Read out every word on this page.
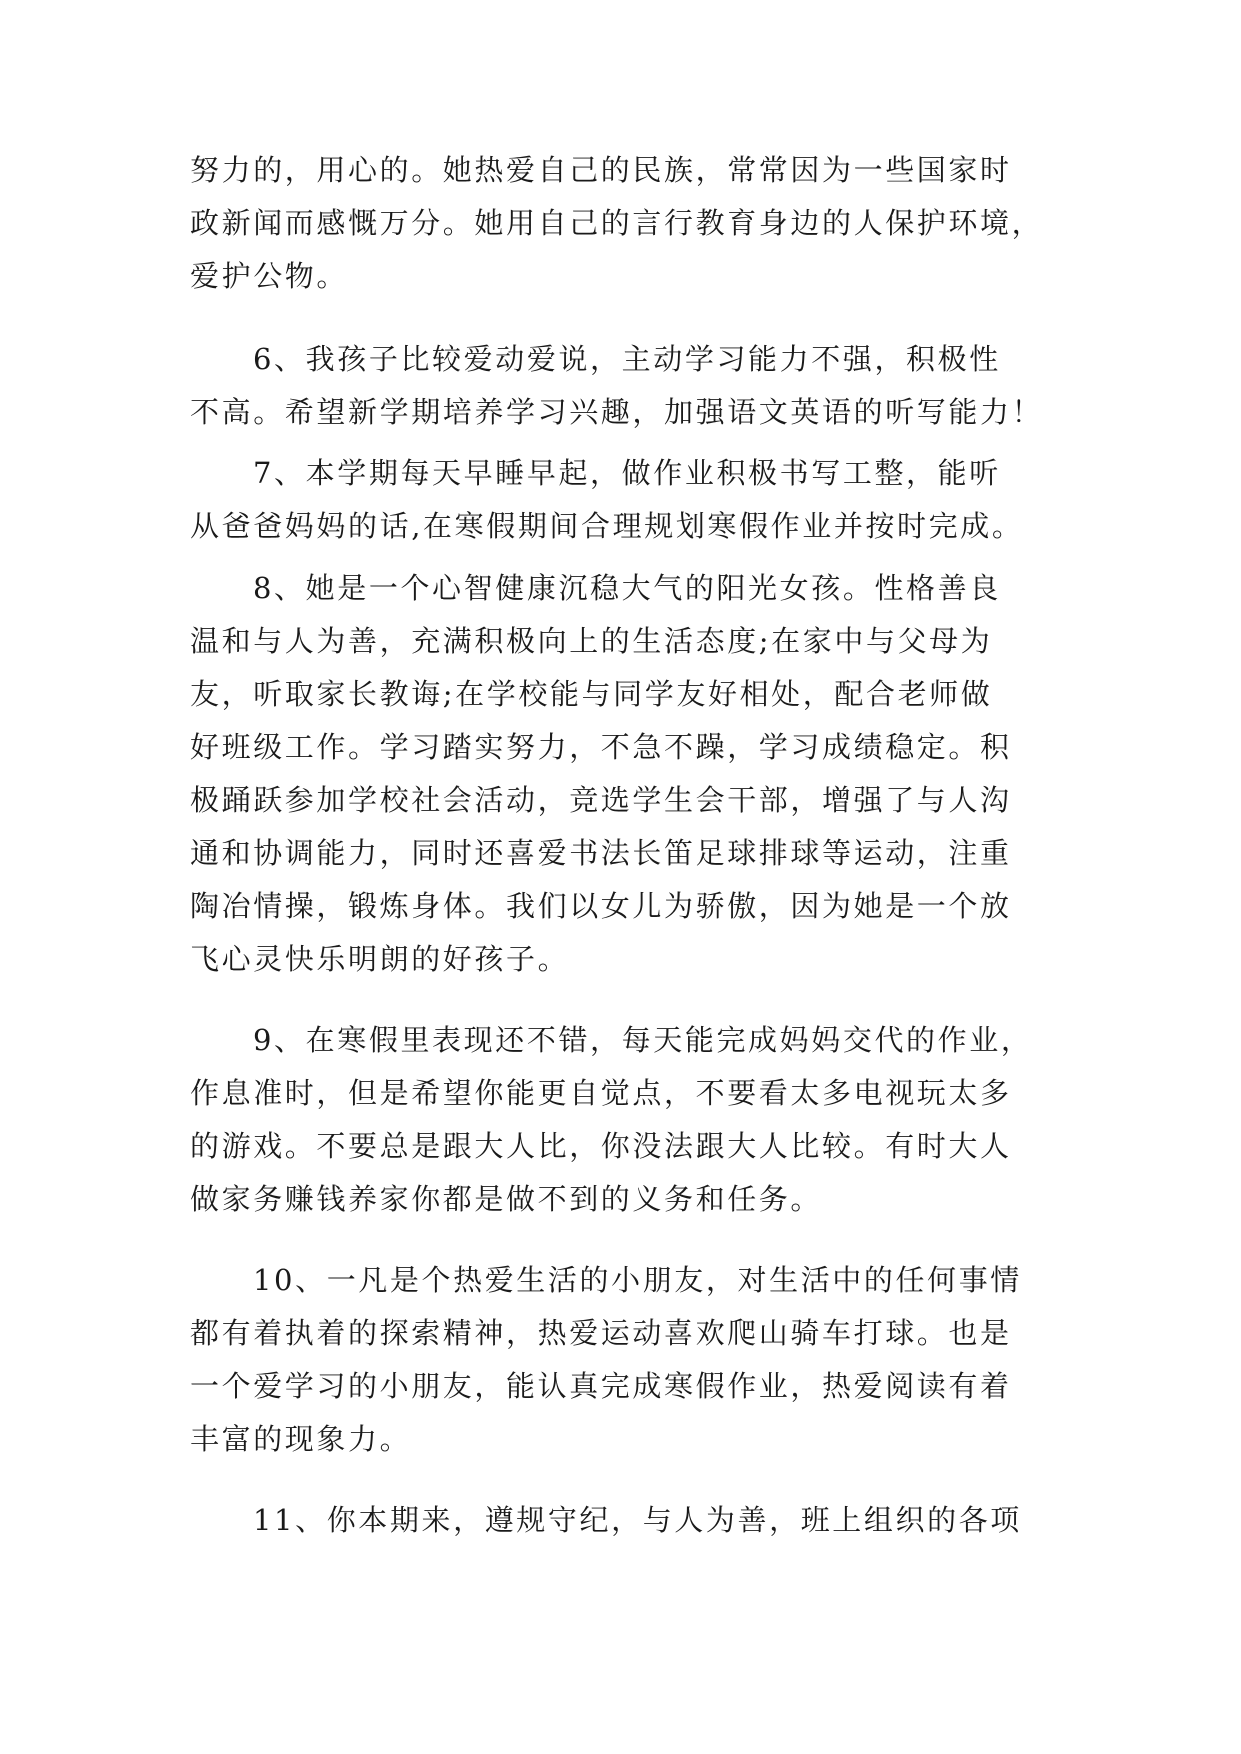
努力的，用心的。她热爱自己的民族，常常因为一些国家时
政新闻而感慨万分。她用自己的言行教育身边的人保护环境，
爱护公物。
6、我孩子比较爱动爱说，主动学习能力不强，积极性
不高。希望新学期培养学习兴趣，加强语文英语的听写能力！
7、本学期每天早睡早起，做作业积极书写工整，能听
从爸爸妈妈的话,在寒假期间合理规划寒假作业并按时完成。
8、她是一个心智健康沉稳大气的阳光女孩。性格善良
温和与人为善，充满积极向上的生活态度;在家中与父母为
友，听取家长教诲;在学校能与同学友好相处，配合老师做
好班级工作。学习踏实努力，不急不躁，学习成绩稳定。积
极踊跃参加学校社会活动，竞选学生会干部，增强了与人沟
通和协调能力，同时还喜爱书法长笛足球排球等运动，注重
陶冶情操，锻炼身体。我们以女儿为骄傲，因为她是一个放
飞心灵快乐明朗的好孩子。
9、在寒假里表现还不错，每天能完成妈妈交代的作业，
作息准时，但是希望你能更自觉点，不要看太多电视玩太多
的游戏。不要总是跟大人比，你没法跟大人比较。有时大人
做家务赚钱养家你都是做不到的义务和任务。
10、一凡是个热爱生活的小朋友，对生活中的任何事情
都有着执着的探索精神，热爱运动喜欢爬山骑车打球。也是
一个爱学习的小朋友，能认真完成寒假作业，热爱阅读有着
丰富的现象力。
11、你本期来，遵规守纪，与人为善，班上组织的各项
